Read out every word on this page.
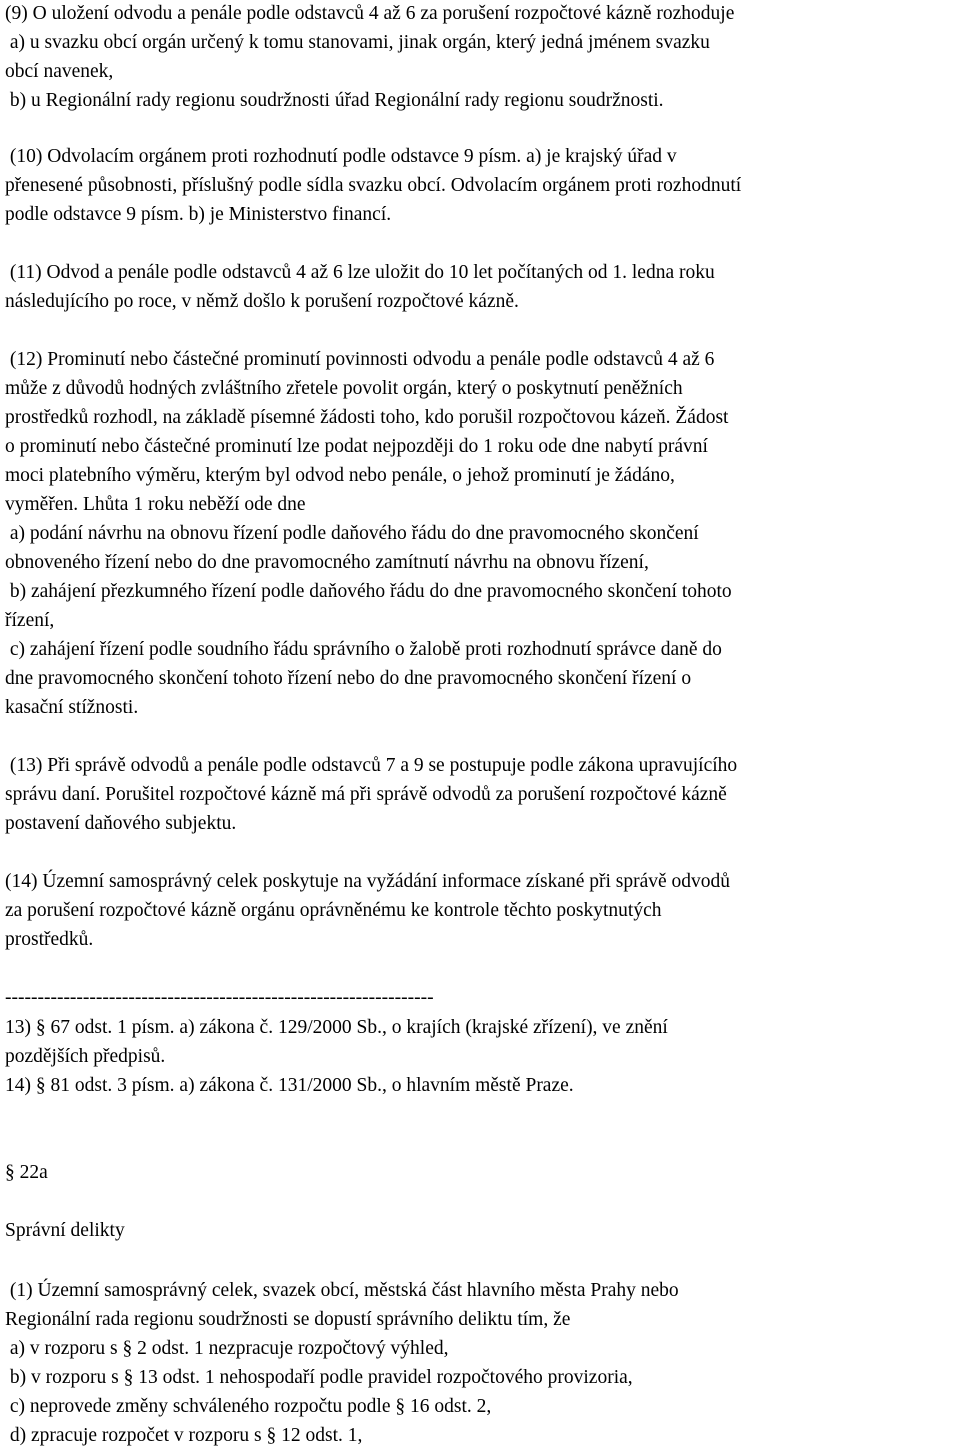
(9) O uložení odvodu a penále podle odstavců 4 až 6 za porušení rozpočtové kázně rozhoduje
a) u svazku obcí orgán určený k tomu stanovami, jinak orgán, který jedná jménem svazku
obcí navenek,
b) u Regionální rady regionu soudržnosti úřad Regionální rady regionu soudržnosti.
(10) Odvolacím orgánem proti rozhodnutí podle odstavce 9 písm. a) je krajský úřad v
přenesené působnosti, příslušný podle sídla svazku obcí. Odvolacím orgánem proti rozhodnutí
podle odstavce 9 písm. b) je Ministerstvo financí.
(11) Odvod a penále podle odstavců 4 až 6 lze uložit do 10 let počítaných od 1. ledna roku
následujícího po roce, v němž došlo k porušení rozpočtové kázně.
(12) Prominutí nebo částečné prominutí povinnosti odvodu a penále podle odstavců 4 až 6
může z důvodů hodných zvláštního zřetele povolit orgán, který o poskytnutí peněžních
prostředků rozhodl, na základě písemné žádosti toho, kdo porušil rozpočtovou kázeň. Žádost
o prominutí nebo částečné prominutí lze podat nejpozději do 1 roku ode dne nabytí právní
moci platebního výměru, kterým byl odvod nebo penále, o jehož prominutí je žádáno,
vyměřen. Lhůta 1 roku neběží ode dne
a) podání návrhu na obnovu řízení podle daňového řádu do dne pravomocného skončení
obnoveného řízení nebo do dne pravomocného zamítnutí návrhu na obnovu řízení,
b) zahájení přezkumného řízení podle daňového řádu do dne pravomocného skončení tohoto
řízení,
c) zahájení řízení podle soudního řádu správního o žalobě proti rozhodnutí správce daně do
dne pravomocného skončení tohoto řízení nebo do dne pravomocného skončení řízení o
kasační stížnosti.
(13) Při správě odvodů a penále podle odstavců 7 a 9 se postupuje podle zákona upravujícího
správu daní. Porušitel rozpočtové kázně má při správě odvodů za porušení rozpočtové kázně
postavení daňového subjektu.
(14) Územní samosprávný celek poskytuje na vyžádání informace získané při správě odvodů
za porušení rozpočtové kázně orgánu oprávněnému ke kontrole těchto poskytnutých
prostředků.
------------------------------------------------------------------
13) § 67 odst. 1 písm. a) zákona č. 129/2000 Sb., o krajích (krajské zřízení), ve znění
pozdějších předpisů.
14) § 81 odst. 3 písm. a) zákona č. 131/2000 Sb., o hlavním městě Praze.
§ 22a
Správní delikty
(1) Územní samosprávný celek, svazek obcí, městská část hlavního města Prahy nebo
Regionální rada regionu soudržnosti se dopustí správního deliktu tím, že
a) v rozporu s § 2 odst. 1 nezpracuje rozpočtový výhled,
b) v rozporu s § 13 odst. 1 nehospodaří podle pravidel rozpočtového provizoria,
c) neprovede změny schváleného rozpočtu podle § 16 odst. 2,
d) zpracuje rozpočet v rozporu s § 12 odst. 1,
